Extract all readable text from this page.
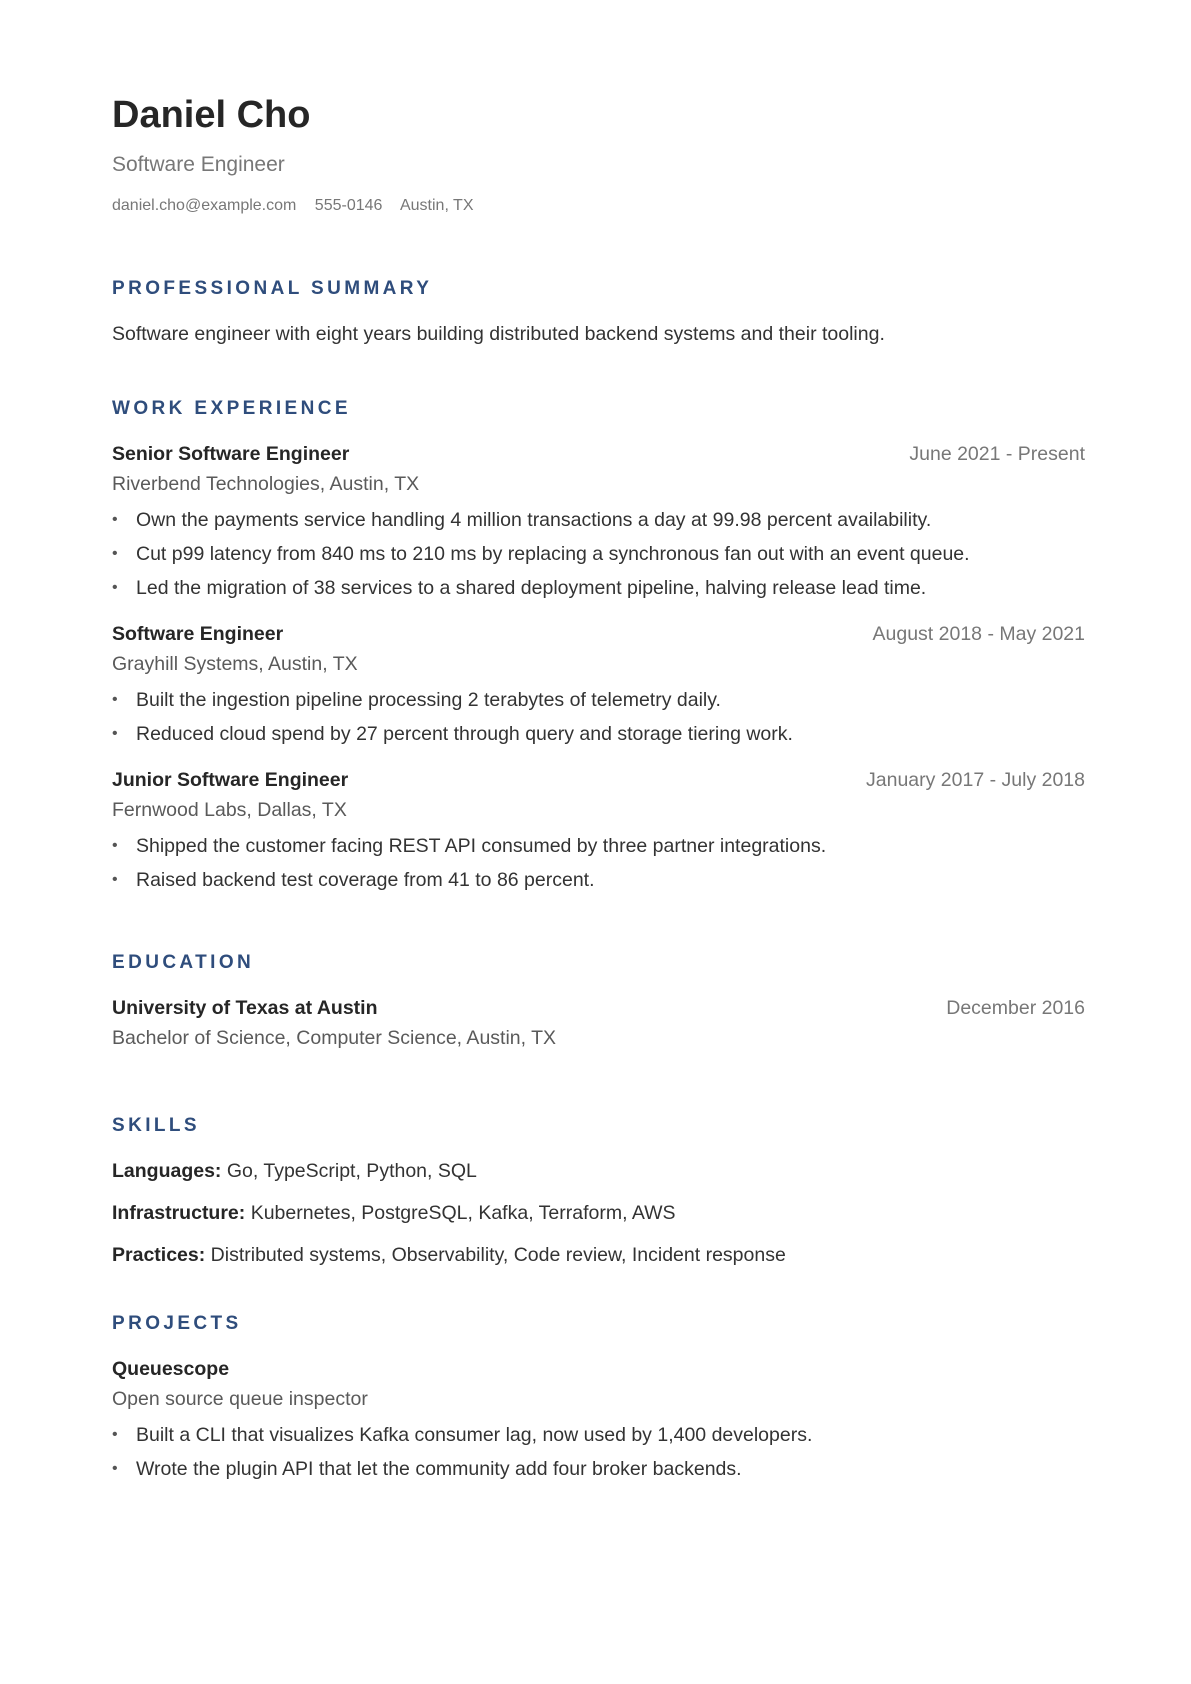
Daniel Cho
Software Engineer
daniel.cho@example.com 555-0146 Austin, TX
PROFESSIONAL SUMMARY
Software engineer with eight years building distributed backend systems and their tooling.
WORK EXPERIENCE
Senior Software Engineer	June 2021 - Present
Riverbend Technologies, Austin, TX
• Own the payments service handling 4 million transactions a day at 99.98 percent availability.
• Cut p99 latency from 840 ms to 210 ms by replacing a synchronous fan out with an event queue.
• Led the migration of 38 services to a shared deployment pipeline, halving release lead time.
Software Engineer	August 2018 - May 2021
Grayhill Systems, Austin, TX
• Built the ingestion pipeline processing 2 terabytes of telemetry daily.
• Reduced cloud spend by 27 percent through query and storage tiering work.
Junior Software Engineer	January 2017 - July 2018
Fernwood Labs, Dallas, TX
• Shipped the customer facing REST API consumed by three partner integrations.
• Raised backend test coverage from 41 to 86 percent.
EDUCATION
University of Texas at Austin	December 2016
Bachelor of Science, Computer Science, Austin, TX
SKILLS
Languages: Go, TypeScript, Python, SQL
Infrastructure: Kubernetes, PostgreSQL, Kafka, Terraform, AWS
Practices: Distributed systems, Observability, Code review, Incident response
PROJECTS
Queuescope
Open source queue inspector
• Built a CLI that visualizes Kafka consumer lag, now used by 1,400 developers.
• Wrote the plugin API that let the community add four broker backends.
